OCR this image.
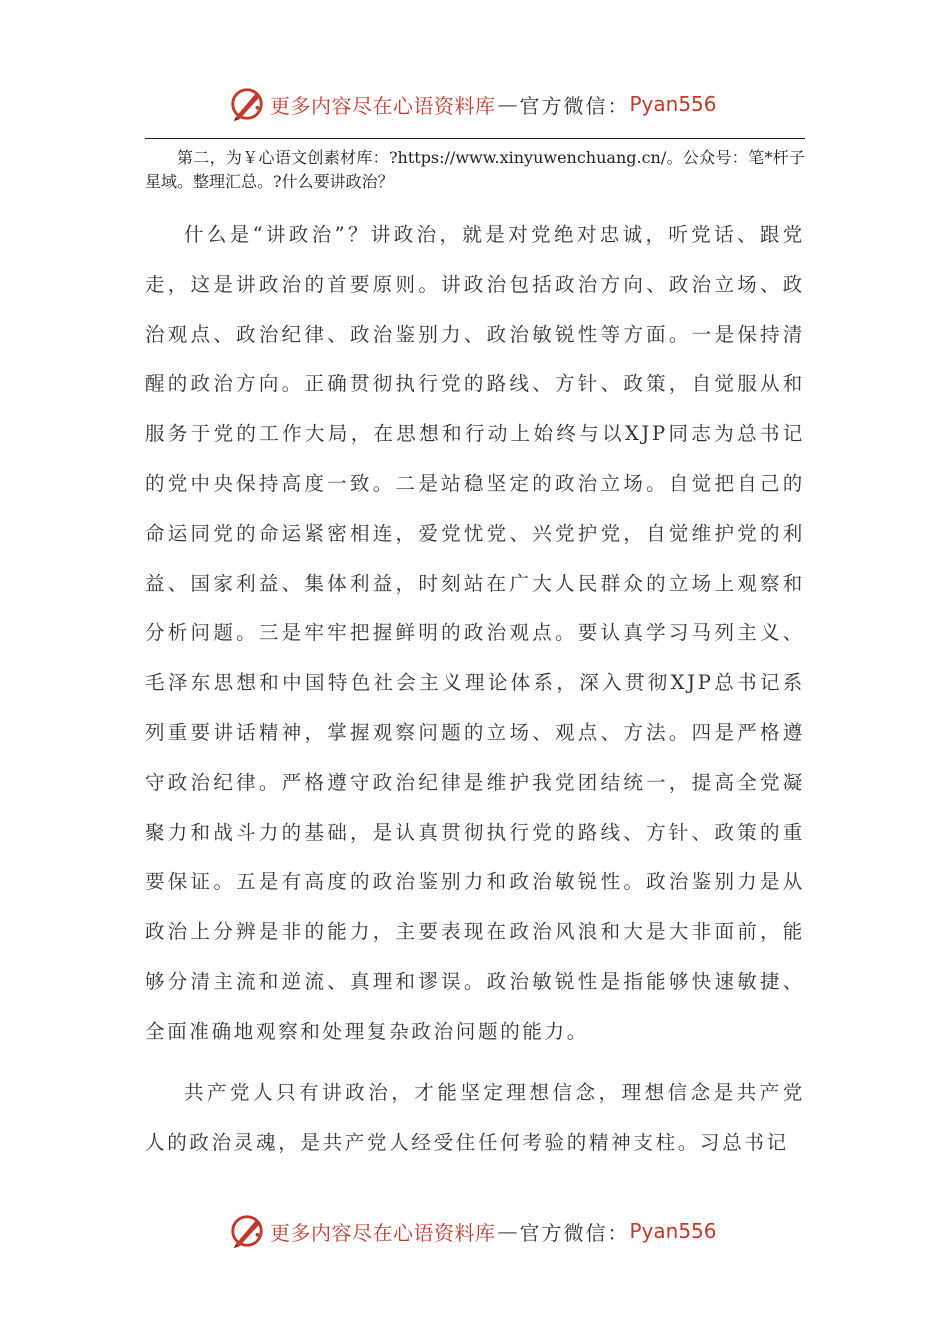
更多内容尽在心语资料库 — 官方微信： Pyan556

第二，为￥心语文创素材库：?https://www.xinyuwenchuang.cn/。公众号：笔*杆子星域。整理汇总。?什么要讲政治？

什么是“讲政治”？讲政治，就是对党绝对忠诚，听党话、跟党走，这是讲政治的首要原则。讲政治包括政治方向、政治立场、政治观点、政治纪律、政治鉴别力、政治敏锐性等方面。一是保持清醒的政治方向。正确贯彻执行党的路线、方针、政策，自觉服从和服务于党的工作大局，在思想和行动上始终与以XJP同志为总书记的党中央保持高度一致。二是站稳坚定的政治立场。自觉把自己的命运同党的命运紧密相连，爱党忧党、兴党护党，自觉维护党的利益、国家利益、集体利益，时刻站在广大人民群众的立场上观察和分析问题。三是牢牢把握鲜明的政治观点。要认真学习马列主义、毛泽东思想和中国特色社会主义理论体系，深入贯彻XJP总书记系列重要讲话精神，掌握观察问题的立场、观点、方法。四是严格遵守政治纪律。严格遵守政治纪律是维护我党团结统一，提高全党凝聚力和战斗力的基础，是认真贯彻执行党的路线、方针、政策的重要保证。五是有高度的政治鉴别力和政治敏锐性。政治鉴别力是从政治上分辨是非的能力，主要表现在政治风浪和大是大非面前，能够分清主流和逆流、真理和谬误。政治敏锐性是指能够快速敏捷、全面准确地观察和处理复杂政治问题的能力。

共产党人只有讲政治，才能坚定理想信念，理想信念是共产党人的政治灵魂，是共产党人经受住任何考验的精神支柱。习总书记

更多内容尽在心语资料库 — 官方微信： Pyan556
